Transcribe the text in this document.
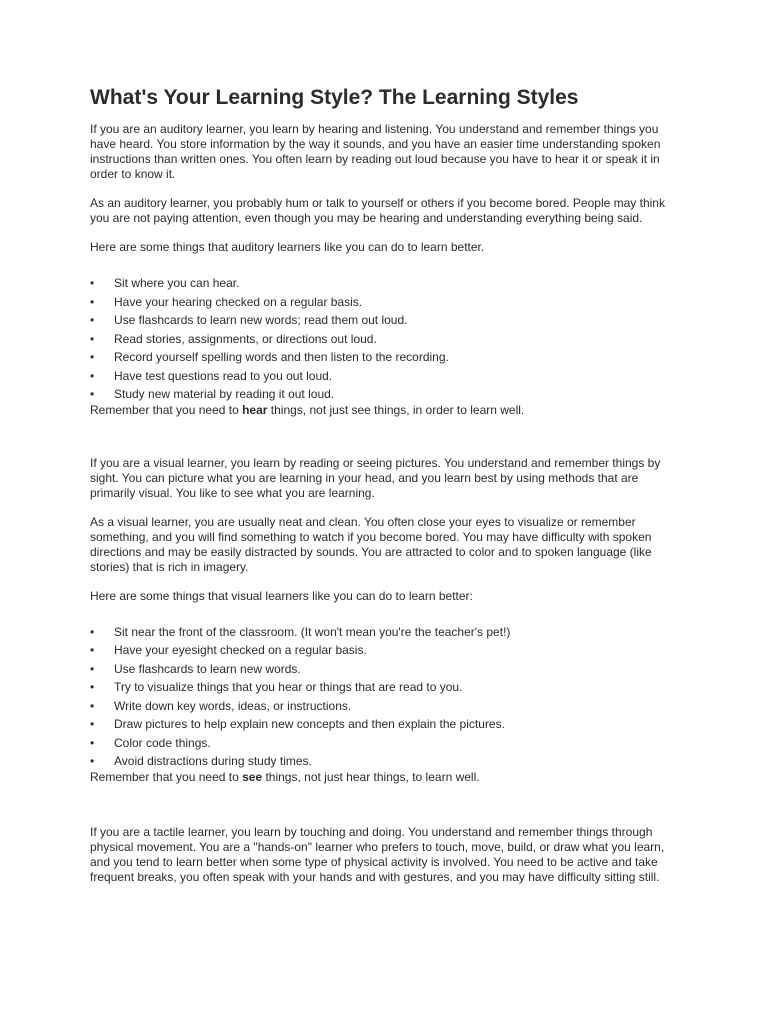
What's Your Learning Style? The Learning Styles

If you are an auditory learner, you learn by hearing and listening. You understand and remember things you have heard. You store information by the way it sounds, and you have an easier time understanding spoken instructions than written ones. You often learn by reading out loud because you have to hear it or speak it in order to know it.

As an auditory learner, you probably hum or talk to yourself or others if you become bored. People may think you are not paying attention, even though you may be hearing and understanding everything being said.

Here are some things that auditory learners like you can do to learn better.

• Sit where you can hear.
• Have your hearing checked on a regular basis.
• Use flashcards to learn new words; read them out loud.
• Read stories, assignments, or directions out loud.
• Record yourself spelling words and then listen to the recording.
• Have test questions read to you out loud.
• Study new material by reading it out loud.

Remember that you need to hear things, not just see things, in order to learn well.

If you are a visual learner, you learn by reading or seeing pictures. You understand and remember things by sight. You can picture what you are learning in your head, and you learn best by using methods that are primarily visual. You like to see what you are learning.

As a visual learner, you are usually neat and clean. You often close your eyes to visualize or remember something, and you will find something to watch if you become bored. You may have difficulty with spoken directions and may be easily distracted by sounds. You are attracted to color and to spoken language (like stories) that is rich in imagery.

Here are some things that visual learners like you can do to learn better:

• Sit near the front of the classroom. (It won't mean you're the teacher's pet!)
• Have your eyesight checked on a regular basis.
• Use flashcards to learn new words.
• Try to visualize things that you hear or things that are read to you.
• Write down key words, ideas, or instructions.
• Draw pictures to help explain new concepts and then explain the pictures.
• Color code things.
• Avoid distractions during study times.

Remember that you need to see things, not just hear things, to learn well.

If you are a tactile learner, you learn by touching and doing. You understand and remember things through physical movement. You are a "hands-on" learner who prefers to touch, move, build, or draw what you learn, and you tend to learn better when some type of physical activity is involved. You need to be active and take frequent breaks, you often speak with your hands and with gestures, and you may have difficulty sitting still.
